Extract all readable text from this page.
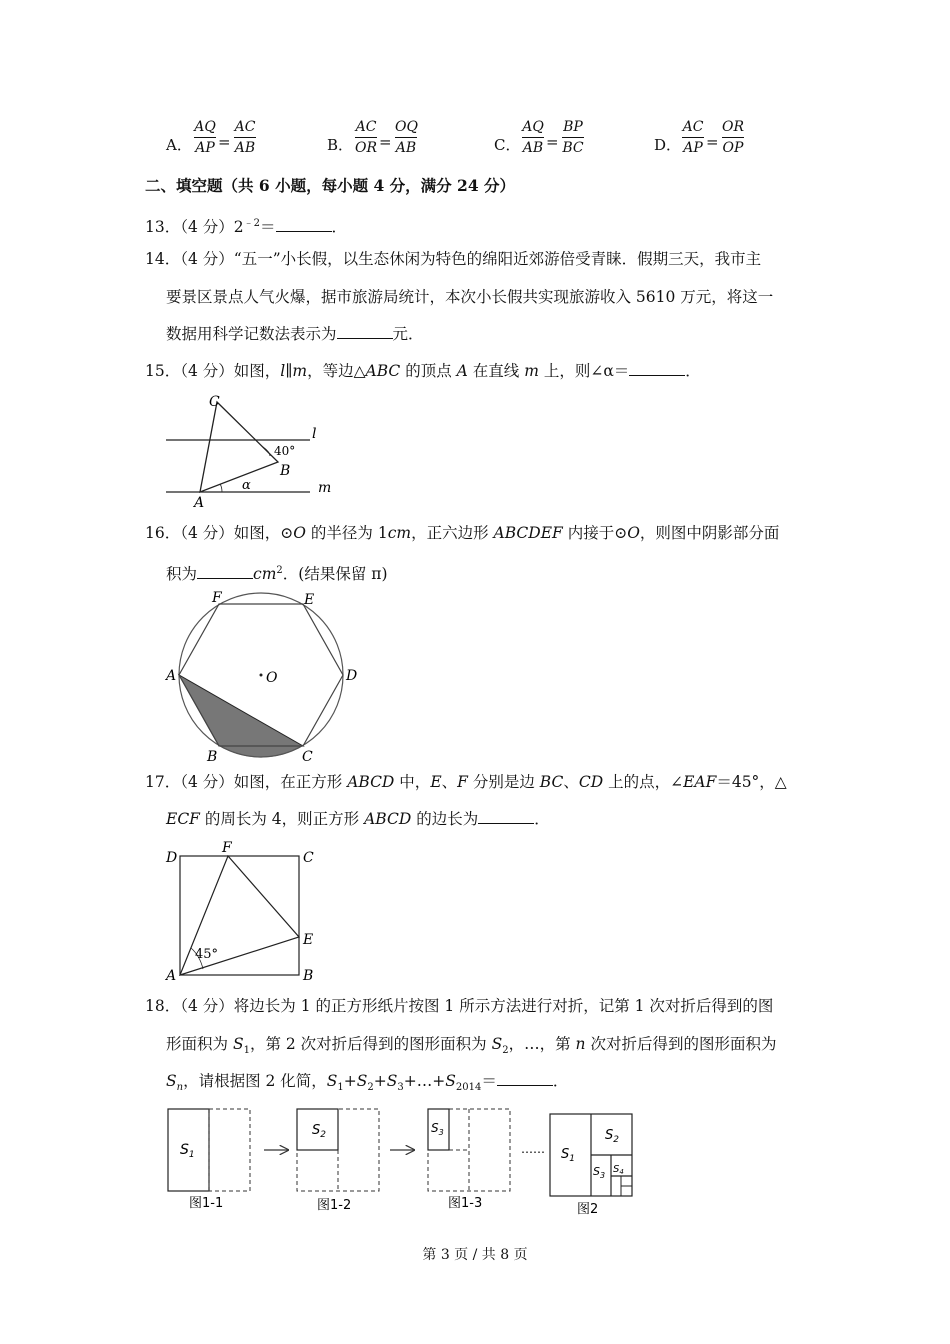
A．
AQ
AP =
AC
AB	B．
AC
OR =
OQ
AB	C．
AQ
AB =
BP
BC	D．
AC
AP =
OR
OP
二、填空题（共 6 小题，每小题 4 分，满分 24 分）
13．（4 分）$2^{﹣2}=$	．
14．（4 分）“五一”小长假，以生态休闲为特色的绵阳近郊游倍受青睐．假期三天，我市主
要景区景点人气火爆，据市旅游局统计，本次小长假共实现旅游收入 5610 万元，将这一
数据用科学记数法表示为	元．
15．（4 分）如图，l∥m，等边△ABC 的顶点 A 在直线 m 上，则∠α＝	．
C
B
A
l
m
40°
α
16．（4 分）如图，⊙O 的半径为 1cm，正六边形 ABCDEF 内接于⊙O，则图中阴影部分面
积为	$cm^2$．(结果保留 π)
A
B	C
D
E
F
O
17．（4 分）如图，在正方形 ABCD 中，E、F 分别是边 BC、CD 上的点，∠EAF＝45°，△
ECF 的周长为 4，则正方形 ABCD 的边长为	．
D
F
C
E
A	B
45°
18．（4 分）将边长为 1 的正方形纸片按图 1 所示方法进行对折，记第 1 次对折后得到的图
形面积为 $S_1$，第 2 次对折后得到的图形面积为 $S_2$，…，第 n 次对折后得到的图形面积为
$S_n$，请根据图 2 化简，$S_1+S_2+S_3+\dots+S_{2014}=$	．
$S_1$
图1-1
$S_2$
图1-2
$S_3$
图1-3
…… $S_1$
$S_2$
$S_3$
$S_4$
图2
第 3 页 / 共 8 页
